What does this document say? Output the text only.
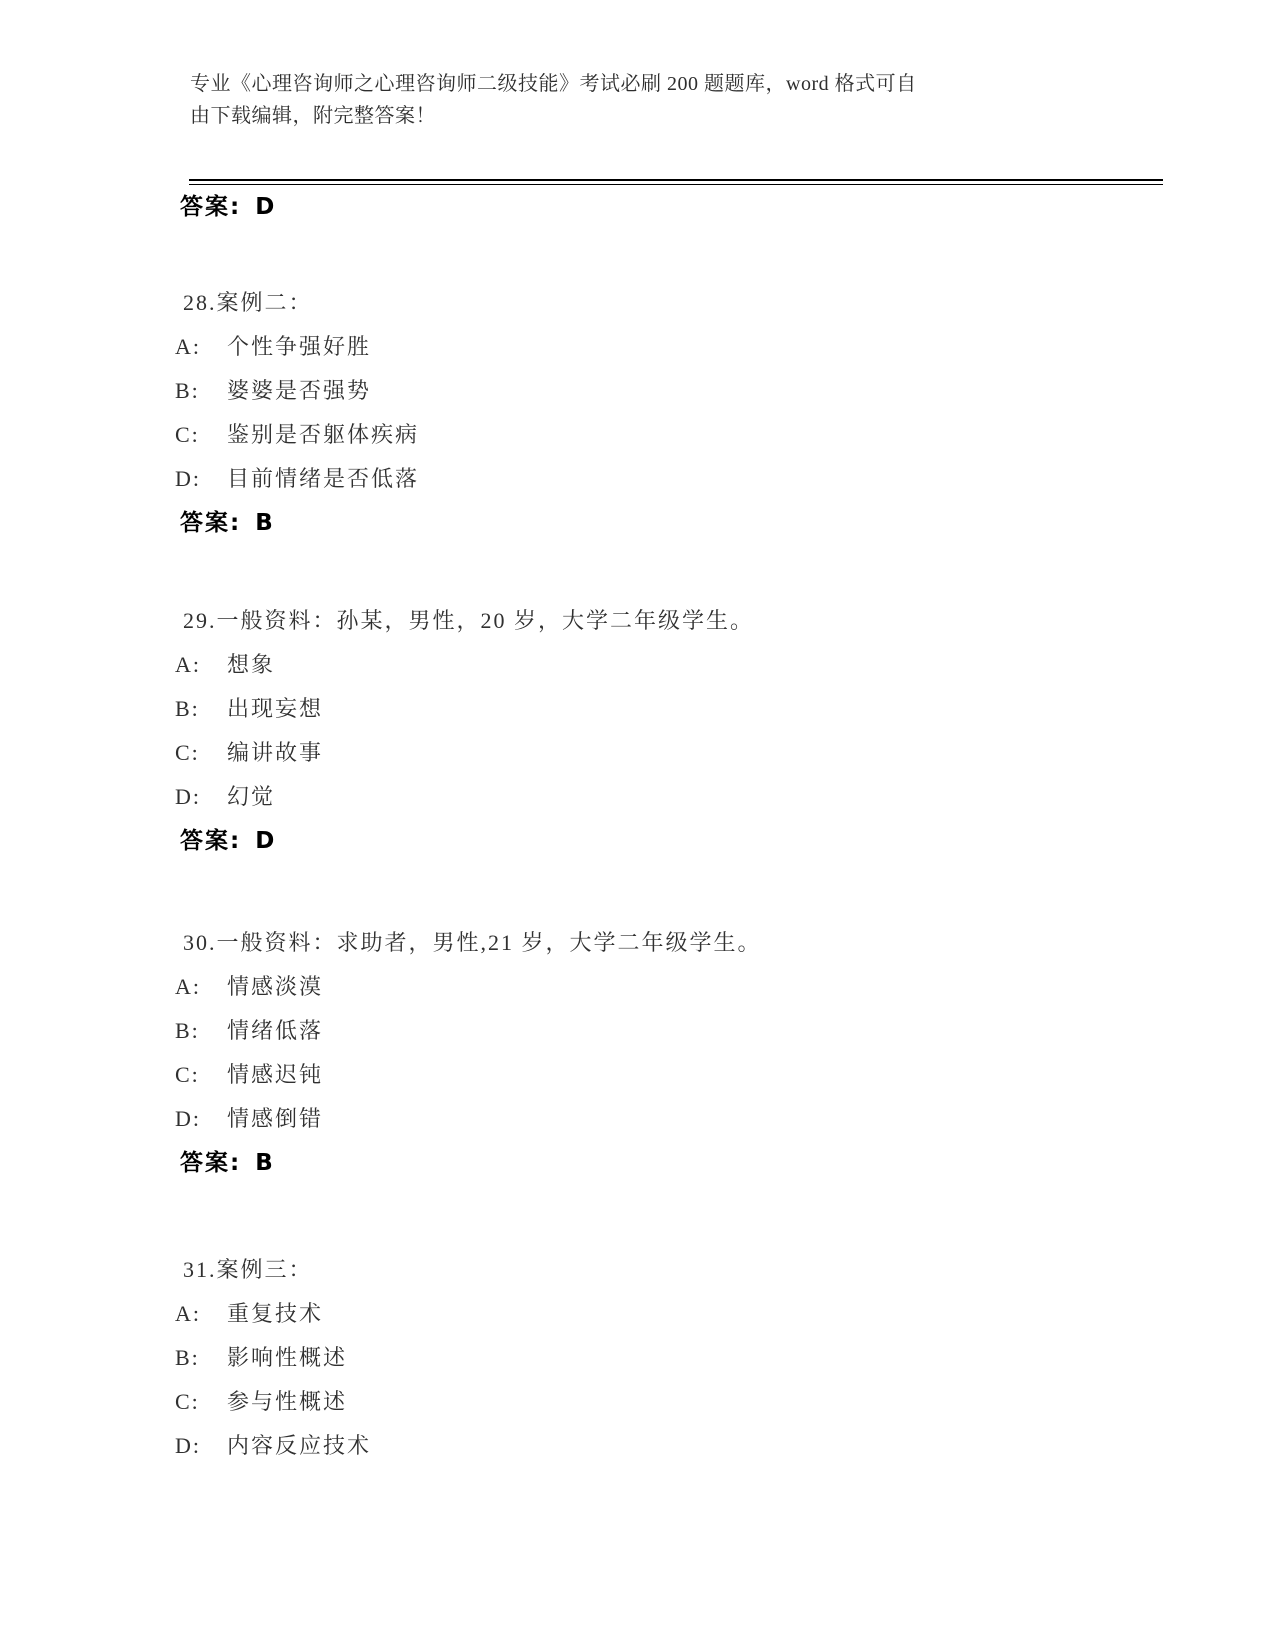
专业《心理咨询师之心理咨询师二级技能》考试必刷 200 题题库，word 格式可自
由下载编辑，附完整答案！
答案: D
28.案例二：
A:	个性争强好胜
B:	婆婆是否强势
C:	鉴别是否躯体疾病
D:	目前情绪是否低落
答案: B
29.一般资料：孙某，男性，20 岁，大学二年级学生。
A:	想象
B:	出现妄想
C:	编讲故事
D:	幻觉
答案: D
30.一般资料：求助者，男性,21 岁，大学二年级学生。
A:	情感淡漠
B:	情绪低落
C:	情感迟钝
D:	情感倒错
答案: B
31.案例三：
A:	重复技术
B:	影响性概述
C:	参与性概述
D:	内容反应技术
